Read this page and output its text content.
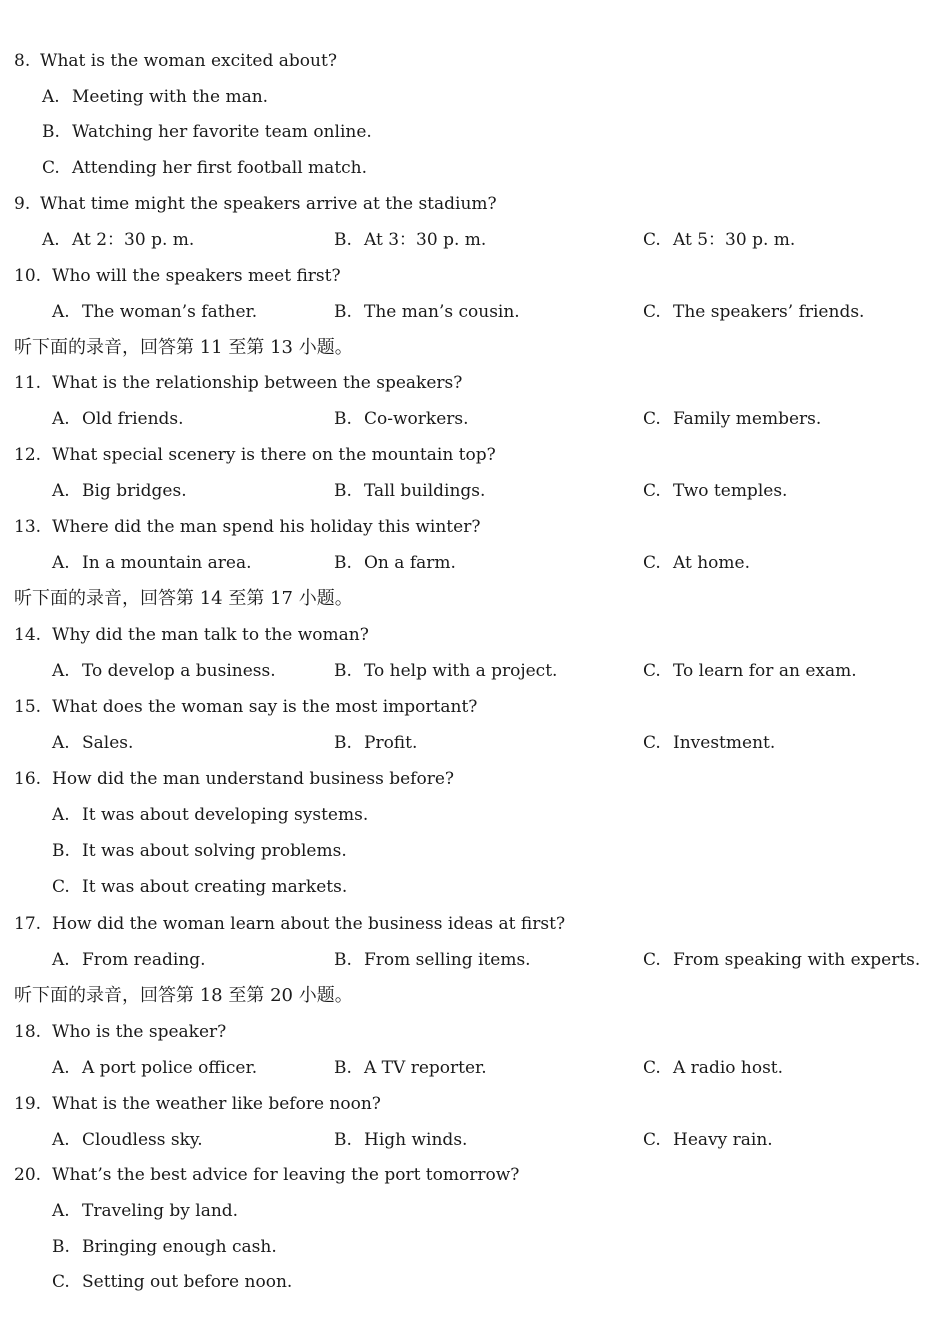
8. What is the woman excited about?
A. Meeting with the man.
B. Watching her favorite team online.
C. Attending her first football match.
9. What time might the speakers arrive at the stadium?
A. At 2：30 p. m.	B. At 3：30 p. m.	C. At 5：30 p. m.
10. Who will the speakers meet first?
A. The woman’s father.	B. The man’s cousin.	C. The speakers’ friends.
听下面的录音，回答第 11 至第 13 小题。
11. What is the relationship between the speakers?
A. Old friends.	B. Co-workers.	C. Family members.
12. What special scenery is there on the mountain top?
A. Big bridges.	B. Tall buildings.	C. Two temples.
13. Where did the man spend his holiday this winter?
A. In a mountain area.	B. On a farm.	C. At home.
听下面的录音，回答第 14 至第 17 小题。
14. Why did the man talk to the woman?
A. To develop a business.	B. To help with a project.	C. To learn for an exam.
15. What does the woman say is the most important?
A. Sales.	B. Profit.	C. Investment.
16. How did the man understand business before?
A. It was about developing systems.
B. It was about solving problems.
C. It was about creating markets.
17. How did the woman learn about the business ideas at first?
A. From reading.	B. From selling items.	C. From speaking with experts.
听下面的录音，回答第 18 至第 20 小题。
18. Who is the speaker?
A. A port police officer.	B. A TV reporter.	C. A radio host.
19. What is the weather like before noon?
A. Cloudless sky.	B. High winds.	C. Heavy rain.
20. What’s the best advice for leaving the port tomorrow?
A. Traveling by land.
B. Bringing enough cash.
C. Setting out before noon.
